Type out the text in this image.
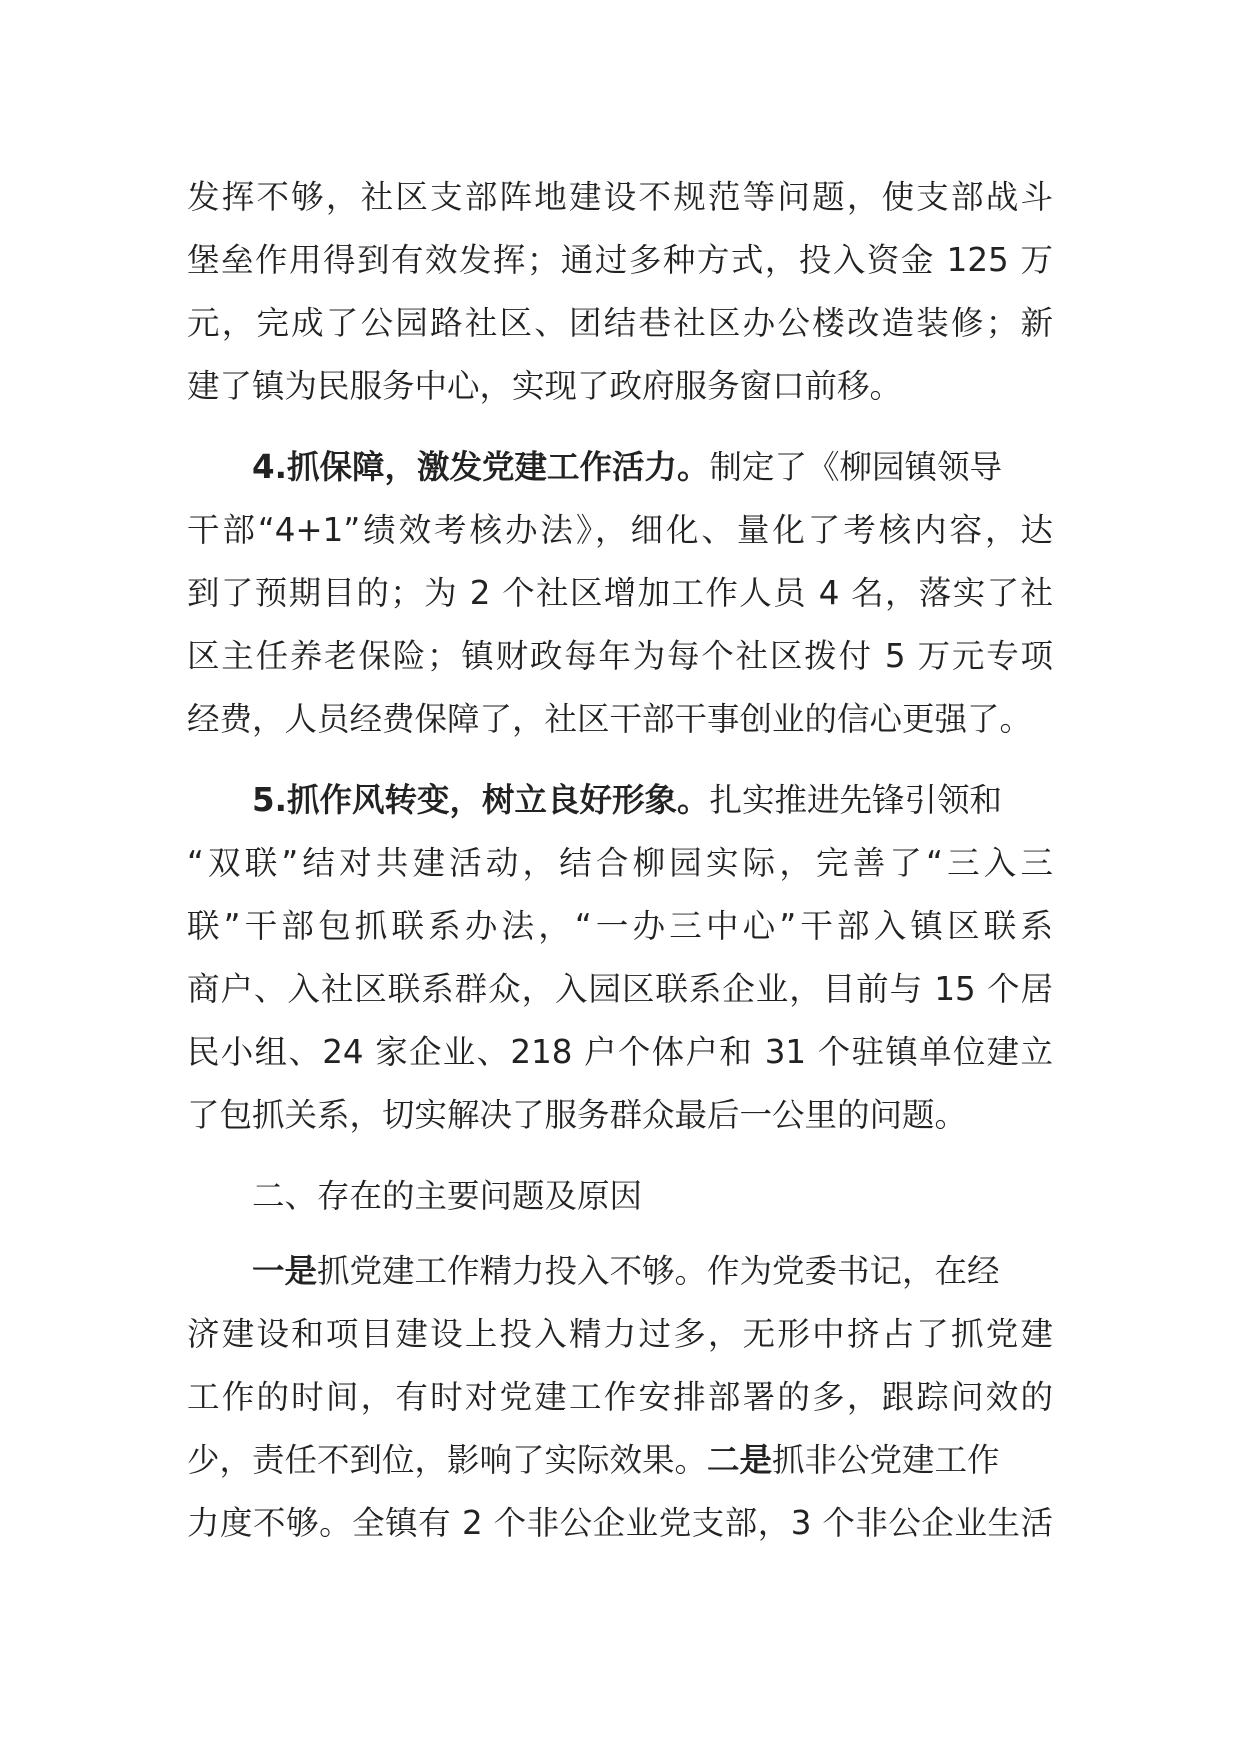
发挥不够，社区支部阵地建设不规范等问题，使支部战斗
堡垒作用得到有效发挥；通过多种方式，投入资金 125 万
元，完成了公园路社区、团结巷社区办公楼改造装修；新
建了镇为民服务中心，实现了政府服务窗口前移。
4.抓保障，激发党建工作活力。制定了《柳园镇领导
干部“4+1”绩效考核办法》，细化、量化了考核内容，达
到了预期目的；为 2 个社区增加工作人员 4 名，落实了社
区主任养老保险；镇财政每年为每个社区拨付 5 万元专项
经费，人员经费保障了，社区干部干事创业的信心更强了。
5.抓作风转变，树立良好形象。扎实推进先锋引领和
“双联”结对共建活动，结合柳园实际，完善了“三入三
联”干部包抓联系办法，“一办三中心”干部入镇区联系
商户、入社区联系群众，入园区联系企业，目前与 15 个居
民小组、24 家企业、218 户个体户和 31 个驻镇单位建立
了包抓关系，切实解决了服务群众最后一公里的问题。
二、存在的主要问题及原因
一是抓党建工作精力投入不够。作为党委书记，在经
济建设和项目建设上投入精力过多，无形中挤占了抓党建
工作的时间，有时对党建工作安排部署的多，跟踪问效的
少，责任不到位，影响了实际效果。二是抓非公党建工作
力度不够。全镇有 2 个非公企业党支部，3 个非公企业生活
